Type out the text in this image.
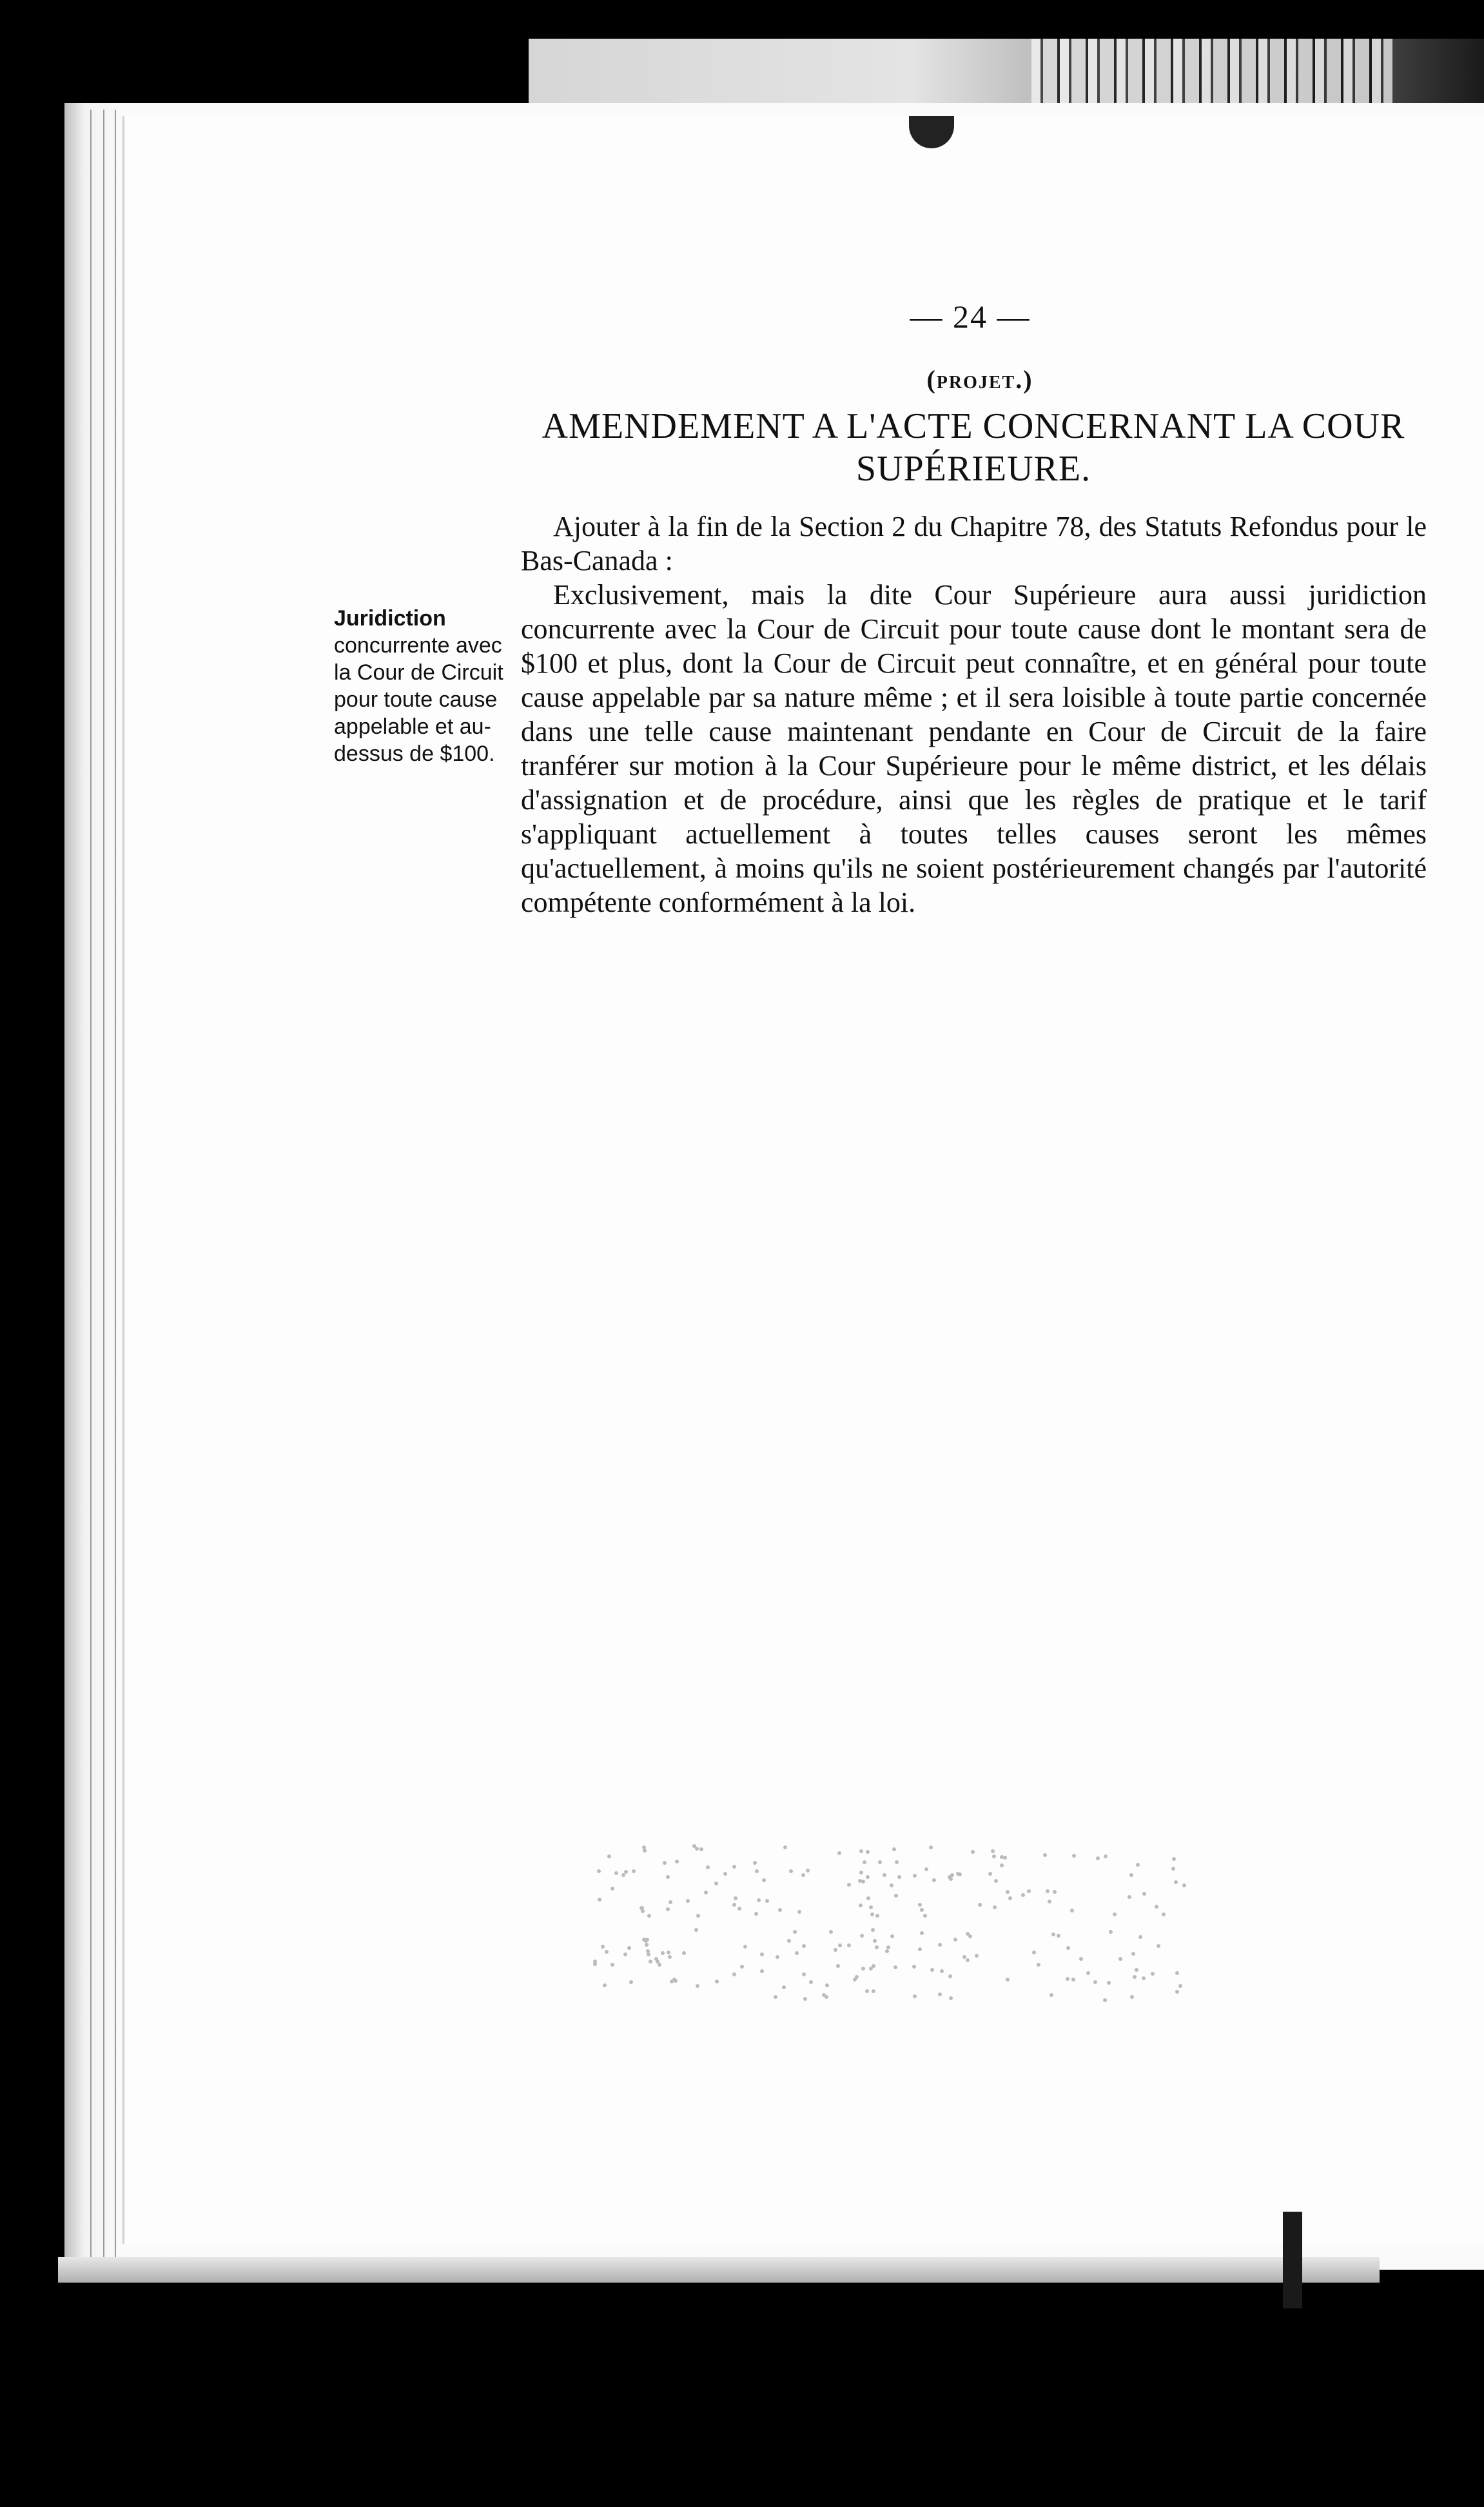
— 24 —
(projet.)
AMENDEMENT A L'ACTE CONCERNANT LA COUR SUPÉRIEURE.

Ajouter à la fin de la Section 2 du Chapitre 78, des Statuts Refondus pour le Bas-Canada :

Exclusivement, mais la dite Cour Supérieure aura aussi juridiction concurrente avec la Cour de Circuit pour toute cause dont le montant sera de $100 et plus, dont la Cour de Circuit peut connaître, et en général pour toute cause appelable par sa nature même ; et il sera loisible à toute partie concernée dans une telle cause maintenant pendante en Cour de Circuit de la faire tranférer sur motion à la Cour Supérieure pour le même district, et les délais d'assignation et de procédure, ainsi que les règles de pratique et le tarif s'appliquant actuellement à toutes telles causes seront les mêmes qu'actuellement, à moins qu'ils ne soient postérieurement changés par l'autorité compétente conformément à la loi.

Juridiction
concurrente avec la Cour de Circuit pour toute cause appelable et au-dessus de $100.
